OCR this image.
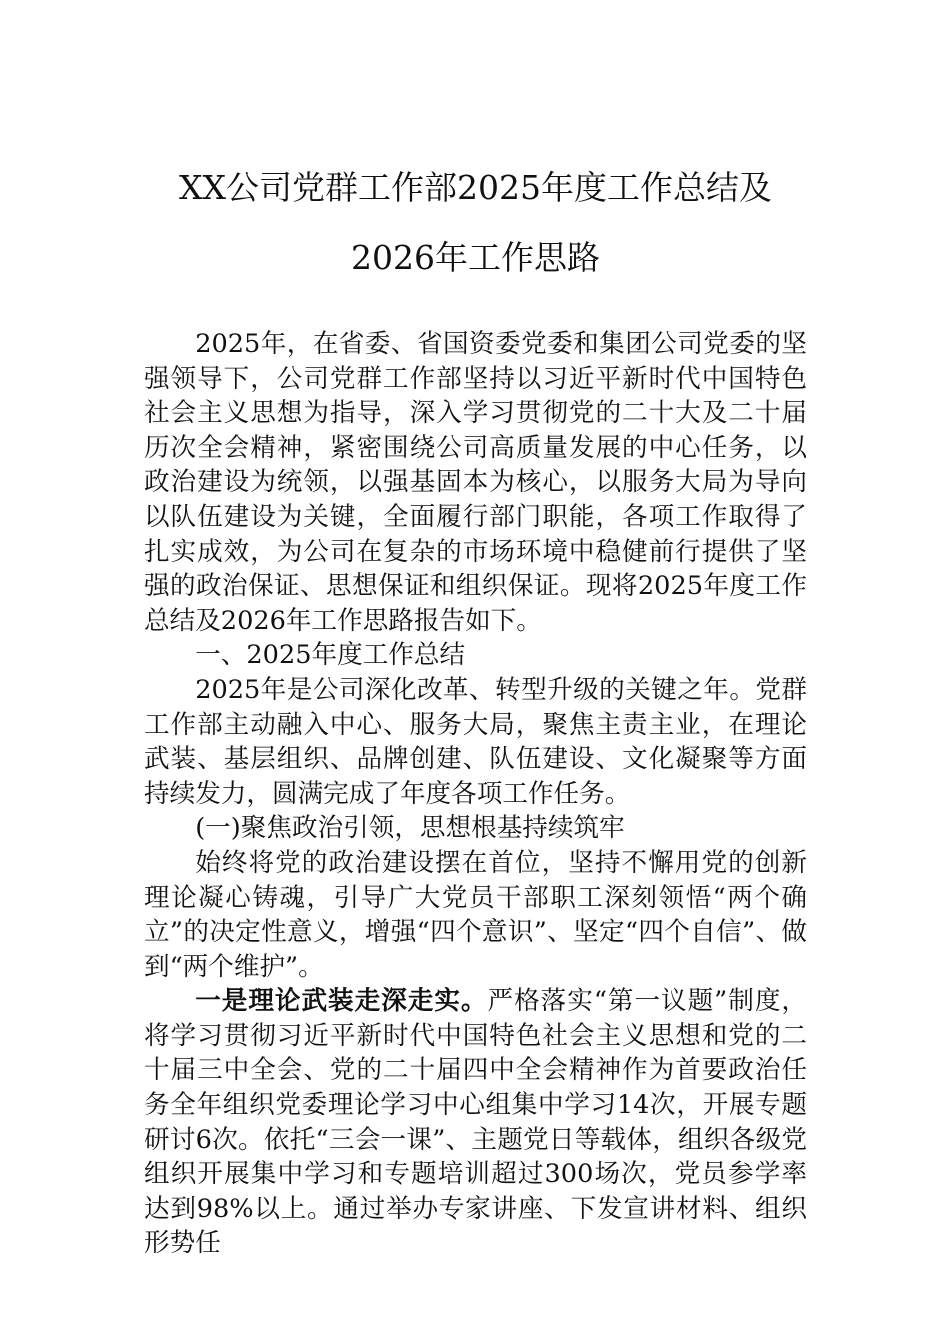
XX公司党群工作部2025年度工作总结及
2026年工作思路

2025年，在省委、省国资委党委和集团公司党委的坚强领导下，公司党群工作部坚持以习近平新时代中国特色社会主义思想为指导，深入学习贯彻党的二十大及二十届历次全会精神，紧密围绕公司高质量发展的中心任务，以政治建设为统领，以强基固本为核心，以服务大局为导向以队伍建设为关键，全面履行部门职能，各项工作取得了扎实成效，为公司在复杂的市场环境中稳健前行提供了坚强的政治保证、思想保证和组织保证。现将2025年度工作总结及2026年工作思路报告如下。

一、2025年度工作总结

2025年是公司深化改革、转型升级的关键之年。党群工作部主动融入中心、服务大局，聚焦主责主业，在理论武装、基层组织、品牌创建、队伍建设、文化凝聚等方面持续发力，圆满完成了年度各项工作任务。

(一)聚焦政治引领，思想根基持续筑牢

始终将党的政治建设摆在首位，坚持不懈用党的创新理论凝心铸魂，引导广大党员干部职工深刻领悟“两个确立”的决定性意义，增强“四个意识”、坚定“四个自信”、做到“两个维护”。

一是理论武装走深走实。严格落实“第一议题”制度，将学习贯彻习近平新时代中国特色社会主义思想和党的二十届三中全会、党的二十届四中全会精神作为首要政治任务全年组织党委理论学习中心组集中学习14次，开展专题研讨6次。依托“三会一课”、主题党日等载体，组织各级党组织开展集中学习和专题培训超过300场次，党员参学率达到98%以上。通过举办专家讲座、下发宣讲材料、组织形势任
